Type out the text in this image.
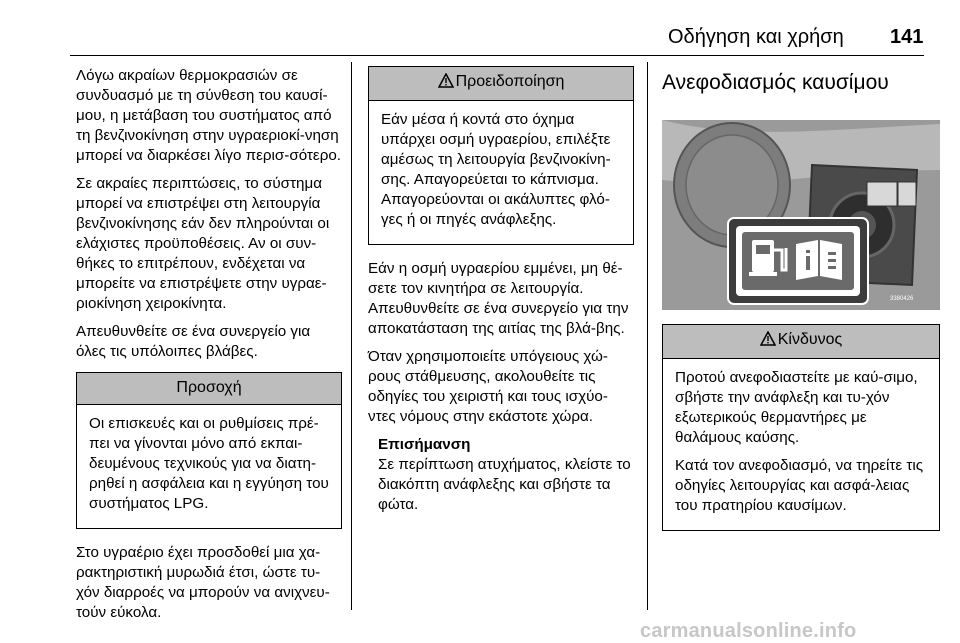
Οδήγηση και χρήση 141

Λόγω ακραίων θερμοκρασιών σε συνδυασμό με τη σύνθεση του καυσί-μου, η μετάβαση του συστήματος από τη βενζινοκίνηση στην υγραεριοκί-νηση μπορεί να διαρκέσει λίγο περισ-σότερο.

Σε ακραίες περιπτώσεις, το σύστημα μπορεί να επιστρέψει στη λειτουργία βενζινοκίνησης εάν δεν πληρούνται οι ελάχιστες προϋποθέσεις. Αν οι συν-θήκες το επιτρέπουν, ενδέχεται να μπορείτε να επιστρέψετε στην υγραε-ριοκίνηση χειροκίνητα.

Απευθυνθείτε σε ένα συνεργείο για όλες τις υπόλοιπες βλάβες.

Προσοχή

Οι επισκευές και οι ρυθμίσεις πρέ-πει να γίνονται μόνο από εκπαι-δευμένους τεχνικούς για να διατη-ρηθεί η ασφάλεια και η εγγύηση του συστήματος LPG.

Στο υγραέριο έχει προσδοθεί μια χα-ρακτηριστική μυρωδιά έτσι, ώστε τυ-χόν διαρροές να μπορούν να ανιχνευ-τούν εύκολα.

Προειδοποίηση

Εάν μέσα ή κοντά στο όχημα υπάρχει οσμή υγραερίου, επιλέξτε αμέσως τη λειτουργία βενζινοκίνη-σης. Απαγορεύεται το κάπνισμα. Απαγορεύονται οι ακάλυπτες φλό-γες ή οι πηγές ανάφλεξης.

Εάν η οσμή υγραερίου εμμένει, μη θέ-σετε τον κινητήρα σε λειτουργία. Απευθυνθείτε σε ένα συνεργείο για την αποκατάσταση της αιτίας της βλά-βης.

Όταν χρησιμοποιείτε υπόγειους χώ-ρους στάθμευσης, ακολουθείτε τις οδηγίες του χειριστή και τους ισχύο-ντες νόμους στην εκάστοτε χώρα.

Επισήμανση
Σε περίπτωση ατυχήματος, κλείστε το διακόπτη ανάφλεξης και σβήστε τα φώτα.
Ανεφοδιασμός καυσίμου
3380426
Κίνδυνος

Προτού ανεφοδιαστείτε με καύ-σιμο, σβήστε την ανάφλεξη και τυ-χόν εξωτερικούς θερμαντήρες με θαλάμους καύσης.

Κατά τον ανεφοδιασμό, να τηρείτε τις οδηγίες λειτουργίας και ασφά-λειας του πρατηρίου καυσίμων.

carmanualsonline.info
